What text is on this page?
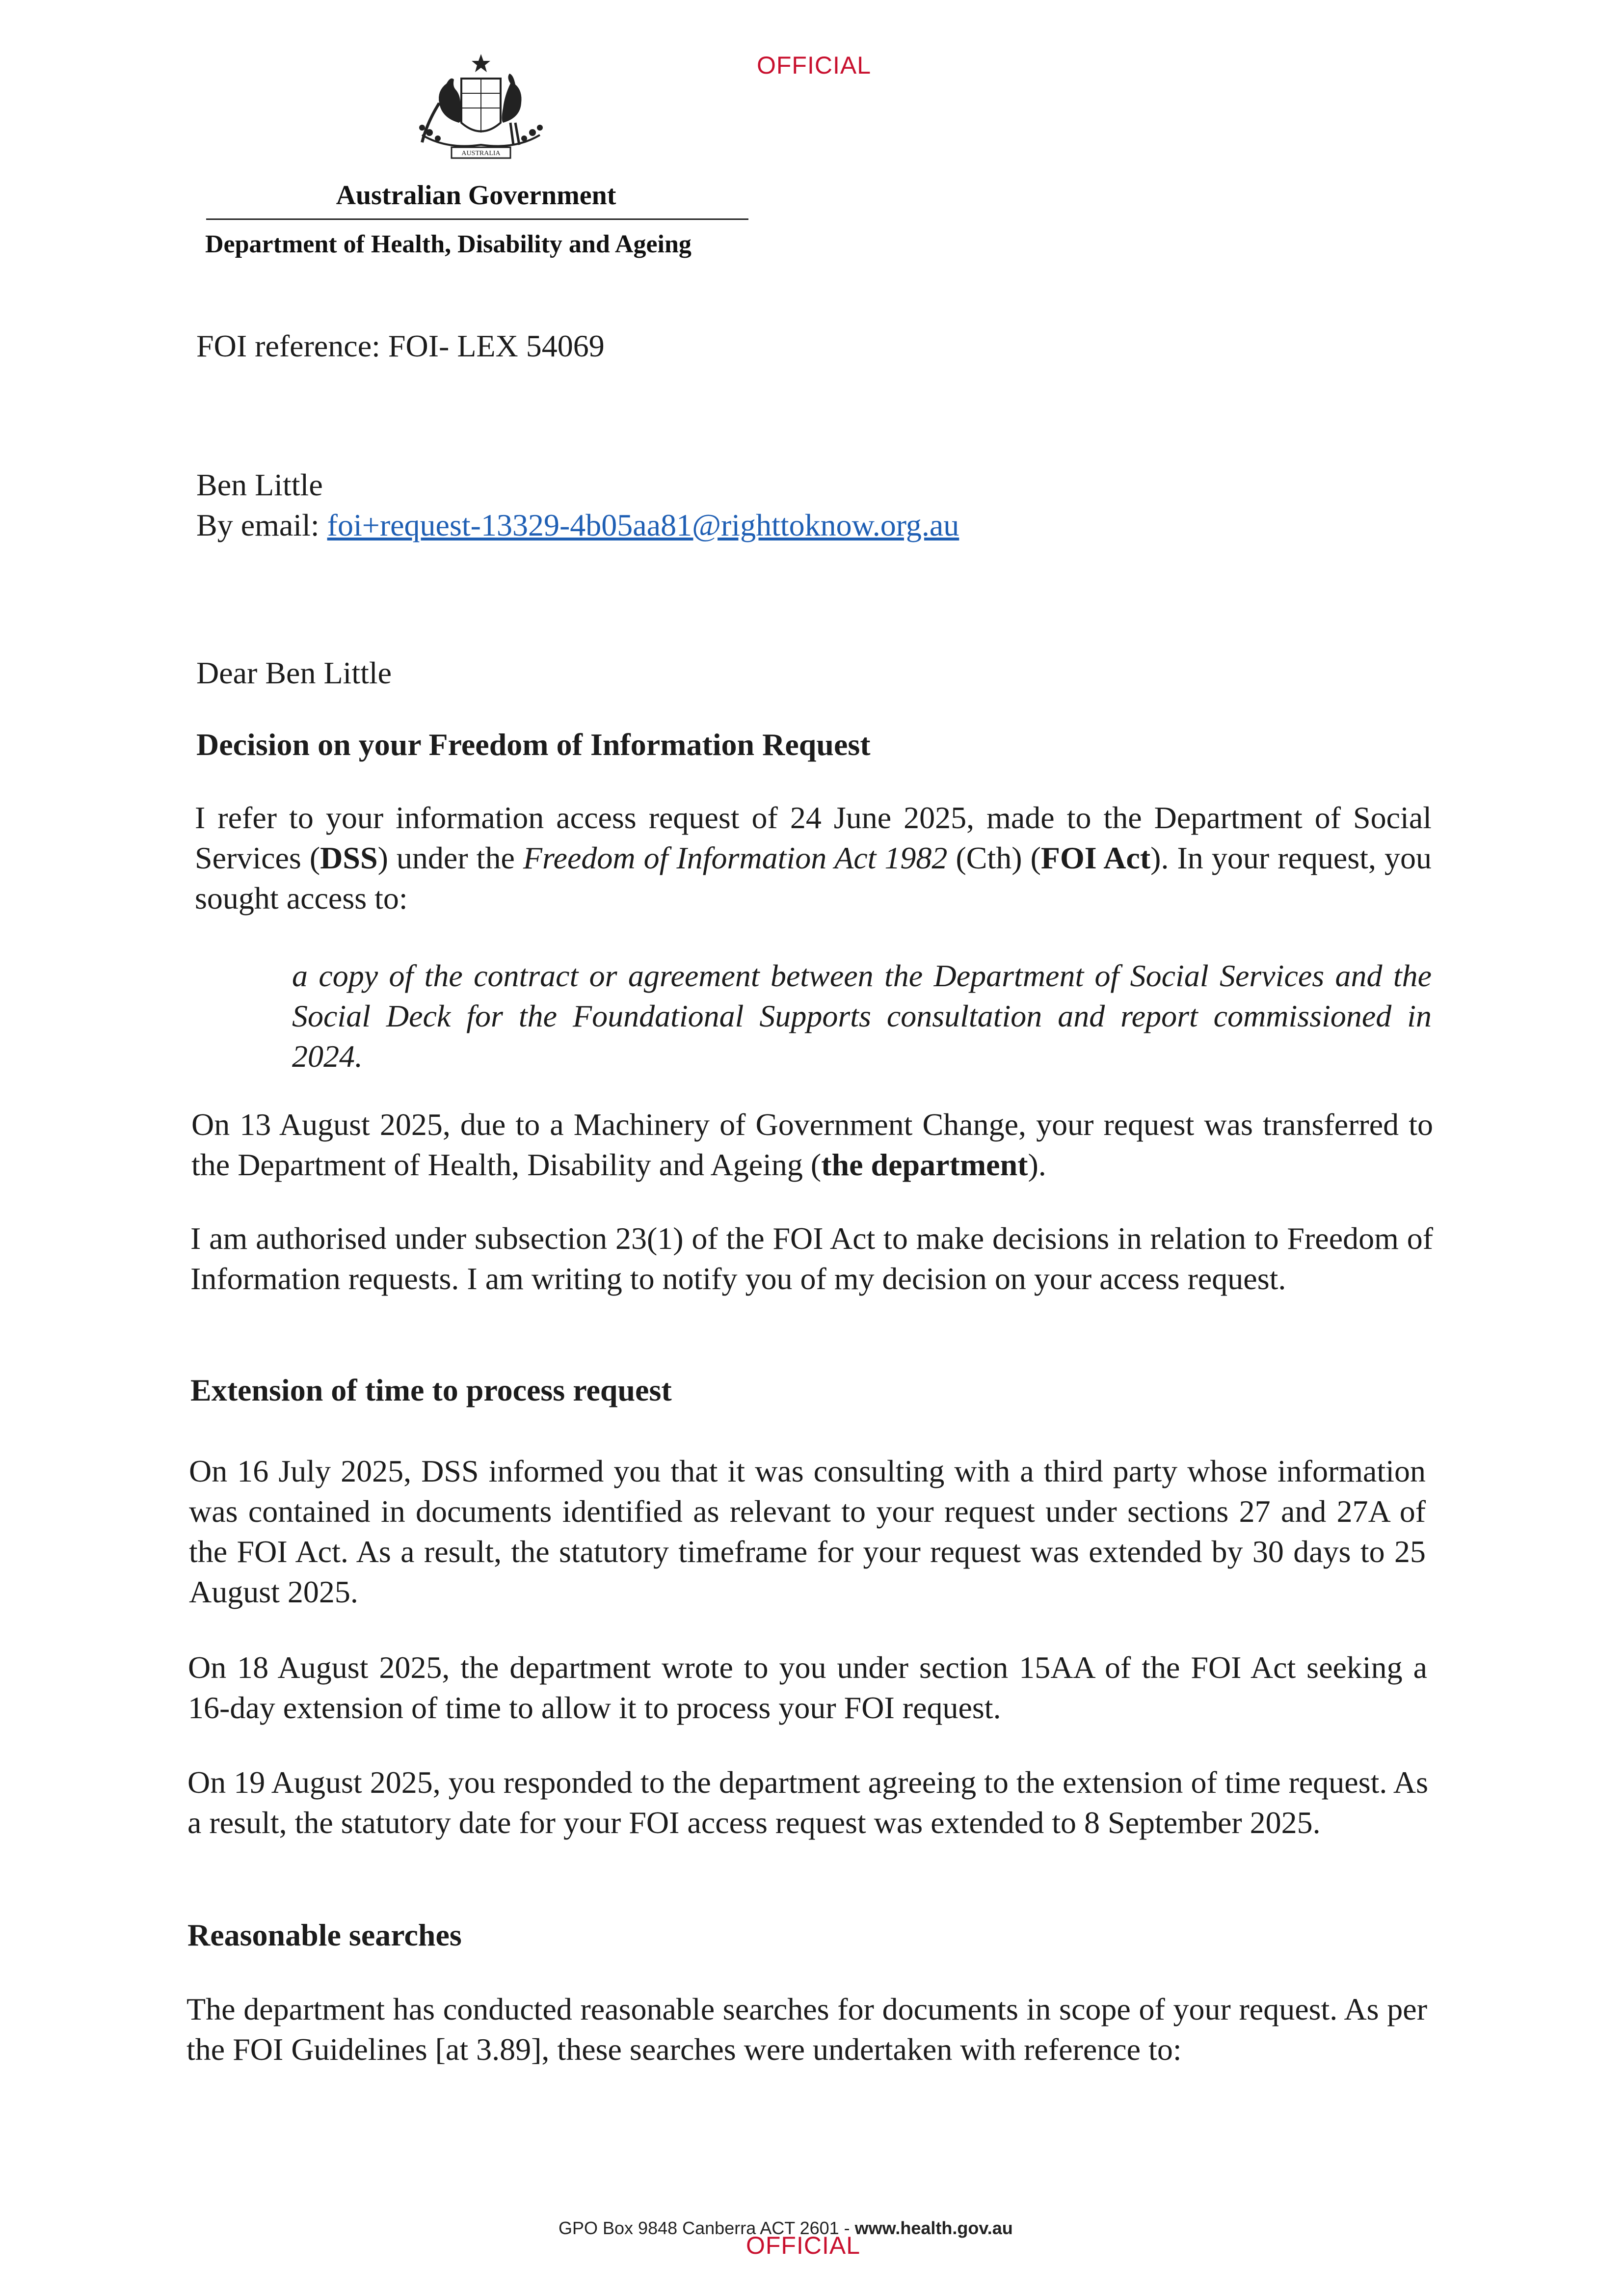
OFFICIAL
AUSTRALIA
Australian Government
Department of Health, Disability and Ageing
FOI reference: FOI- LEX 54069
Ben Little
By email: foi+request-13329-4b05aa81@righttoknow.org.au
Dear Ben Little
Decision on your Freedom of Information Request
I refer to your information access request of 24 June 2025, made to the Department of Social Services (DSS) under the Freedom of Information Act 1982 (Cth) (FOI Act). In your request, you sought access to:
a copy of the contract or agreement between the Department of Social Services and the Social Deck for the Foundational Supports consultation and report commissioned in 2024.
On 13 August 2025, due to a Machinery of Government Change, your request was transferred to the Department of Health, Disability and Ageing (the department).
I am authorised under subsection 23(1) of the FOI Act to make decisions in relation to Freedom of Information requests. I am writing to notify you of my decision on your access request.
Extension of time to process request
On 16 July 2025, DSS informed you that it was consulting with a third party whose information was contained in documents identified as relevant to your request under sections 27 and 27A of the FOI Act. As a result, the statutory timeframe for your request was extended by 30 days to 25 August 2025.
On 18 August 2025, the department wrote to you under section 15AA of the FOI Act seeking a 16-day extension of time to allow it to process your FOI request.
On 19 August 2025, you responded to the department agreeing to the extension of time request. As a result, the statutory date for your FOI access request was extended to 8 September 2025.
Reasonable searches
The department has conducted reasonable searches for documents in scope of your request. As per the FOI Guidelines [at 3.89], these searches were undertaken with reference to:
GPO Box 9848 Canberra ACT 2601 - www.health.gov.au
OFFICIAL
